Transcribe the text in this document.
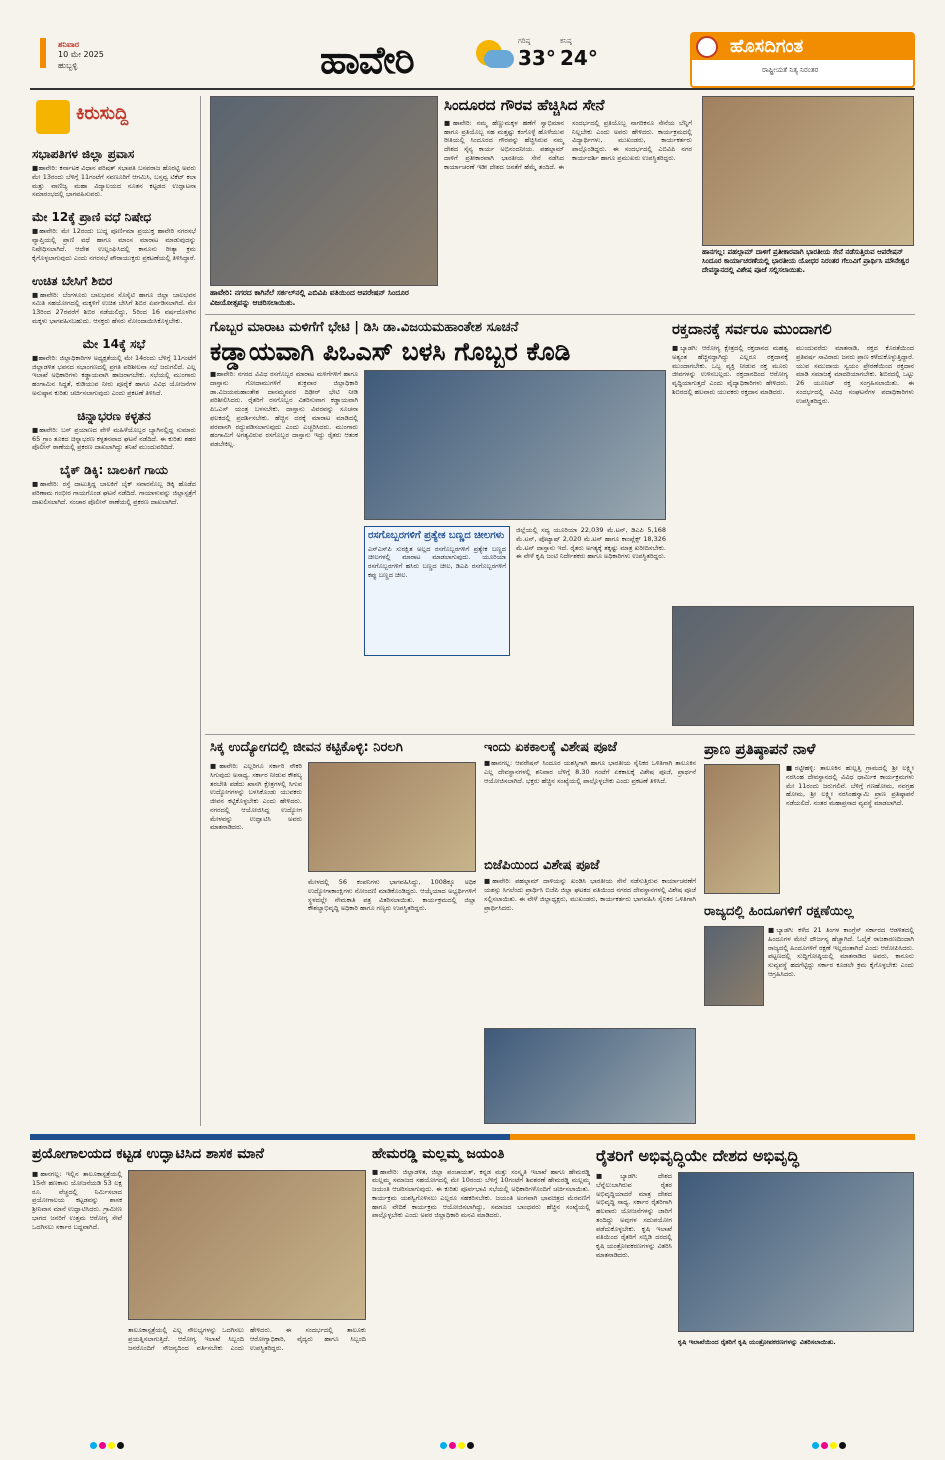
ಶನಿವಾರ
10 ಮೇ 2025
ಹುಬ್ಬಳ್ಳಿ	ಹಾವೇರಿ	ಗರಿಷ್ಠ
33°
ಕನಿಷ್ಠ
24°	ಹೊಸದಿಗಂತ
ರಾಷ್ಟ್ರೀಯತೆ ನಿತ್ಯ ನಿರಂತರ
ಕಿರುಸುದ್ದಿ
ಸಭಾಪತಿಗಳ ಜಿಲ್ಲಾ ಪ್ರವಾಸ
■ಹಾವೇರಿ: ಕರ್ನಾಟಕ ವಿಧಾನ ಪರಿಷತ್ ಸಭಾಪತಿ ಬಸವರಾಜ ಹೊರಟ್ಟಿ ಅವರು ಮೇ 13ರಂದು ಬೆಳಿಗ್ಗೆ 11ಗಂಟೆಗೆ ಸವಣೂರಿಗೆ ಆಗಮಿಸಿ, ಬಸ್ತವ್ವ ಟಿಕೆಟ್ ಕಲಾ ಮತ್ತು ವಾಣಿಜ್ಯ ಮಹಾ ವಿದ್ಯಾಲಯದ ನೂತನ ಕಟ್ಟಡದ ಉದ್ಘಾಟನಾ ಸಮಾರಂಭದಲ್ಲಿ ಭಾಗವಹಿಸುವರು.
ಮೇ 12ಕ್ಕೆ ಪ್ರಾಣಿ ವಧೆ ನಿಷೇಧ
■ಹಾವೇರಿ: ಮೇ 12ರಂದು ಬುದ್ಧ ಪೂರ್ಣಿಮಾ ಪ್ರಯುಕ್ತ ಹಾವೇರಿ ನಗರಸಭೆ ವ್ಯಾಪ್ತಿಯಲ್ಲಿ ಪ್ರಾಣಿ ವಧೆ ಹಾಗೂ ಮಾಂಸ ಮಾರಾಟ ಮಾಡುವುದನ್ನು ನಿಷೇಧಿಸಲಾಗಿದೆ. ಆದೇಶ ಉಲ್ಲಂಘಿಸಿದಲ್ಲಿ ಕಾನೂನು ರೀತ್ಯಾ ಕ್ರಮ ಕೈಗೊಳ್ಳಲಾಗುವುದು ಎಂದು ನಗರಸಭೆ ಪೌರಾಯುಕ್ತರು ಪ್ರಕಟಣೆಯಲ್ಲಿ ತಿಳಿಸಿದ್ದಾರೆ.
ಉಚಿತ ಬೇಸಿಗೆ ಶಿಬಿರ
■ಹಾವೇರಿ: ಬೆಂಗಳೂರು ಬಾಲಭವನ ಸೊಸೈಟಿ ಹಾಗೂ ಜಿಲ್ಲಾ ಬಾಲಭವನ ಸಮಿತಿ ಸಹಯೋಗದಲ್ಲಿ ಮಕ್ಕಳಿಗೆ ಉಚಿತ ಬೇಸಿಗೆ ಶಿಬಿರ ಏರ್ಪಡಿಸಲಾಗಿದೆ. ಮೇ 13ರಿಂದ 27ರವರೆಗೆ ಶಿಬಿರ ನಡೆಯಲಿದ್ದು, 5ರಿಂದ 16 ವರ್ಷದೊಳಗಿನ ಮಕ್ಕಳು ಭಾಗವಹಿಸಬಹುದು. ಆಸಕ್ತರು ಹೆಸರು ನೋಂದಾಯಿಸಿಕೊಳ್ಳಬೇಕು.
ಮೇ 14ಕ್ಕೆ ಸಭೆ
■ಹಾವೇರಿ: ಜಿಲ್ಲಾಧಿಕಾರಿಗಳ ಅಧ್ಯಕ್ಷತೆಯಲ್ಲಿ ಮೇ 14ರಂದು ಬೆಳಿಗ್ಗೆ 11ಗಂಟೆಗೆ ಜಿಲ್ಲಾಡಳಿತ ಭವನದ ಸಭಾಂಗಣದಲ್ಲಿ ಪ್ರಗತಿ ಪರಿಶೀಲನಾ ಸಭೆ ಜರುಗಲಿದೆ. ಎಲ್ಲ ಇಲಾಖೆ ಅಧಿಕಾರಿಗಳು ಕಡ್ಡಾಯವಾಗಿ ಹಾಜರಾಗಬೇಕು. ಸಭೆಯಲ್ಲಿ ಮುಂಗಾರು ಹಂಗಾಮಿನ ಸಿದ್ಧತೆ, ಕುಡಿಯುವ ನೀರು ಪೂರೈಕೆ ಹಾಗೂ ವಿವಿಧ ಯೋಜನೆಗಳ ಅನುಷ್ಠಾನ ಕುರಿತು ಚರ್ಚಿಸಲಾಗುವುದು ಎಂದು ಪ್ರಕಟಣೆ ತಿಳಿಸಿದೆ.
ಚಿನ್ನಾಭರಣ ಕಳ್ಳತನ
■ಹಾವೇರಿ: ಬಸ್ ಪ್ರಯಾಣದ ವೇಳೆ ಮಹಿಳೆಯೊಬ್ಬರ ಬ್ಯಾಗಿನಲ್ಲಿದ್ದ ಸುಮಾರು 65 ಗ್ರಾಂ ತೂಕದ ಚಿನ್ನಾಭರಣ ಕಳ್ಳತನವಾದ ಘಟನೆ ನಡೆದಿದೆ. ಈ ಕುರಿತು ಶಹರ ಪೊಲೀಸ್ ಠಾಣೆಯಲ್ಲಿ ಪ್ರಕರಣ ದಾಖಲಾಗಿದ್ದು ತನಿಖೆ ಮುಂದುವರಿದಿದೆ.
ಬೈಕ್ ಡಿಕ್ಕಿ: ಬಾಲಕಿಗೆ ಗಾಯ
■ಹಾವೇರಿ: ರಸ್ತೆ ದಾಟುತ್ತಿದ್ದ ಬಾಲಕಿಗೆ ಬೈಕ್ ಸವಾರನೊಬ್ಬ ಡಿಕ್ಕಿ ಹೊಡೆದ ಪರಿಣಾಮ ಗಂಭೀರ ಗಾಯಗೊಂಡ ಘಟನೆ ನಡೆದಿದೆ. ಗಾಯಾಳುವನ್ನು ಜಿಲ್ಲಾಸ್ಪತ್ರೆಗೆ ದಾಖಲಿಸಲಾಗಿದೆ. ಸಂಚಾರ ಪೊಲೀಸ್ ಠಾಣೆಯಲ್ಲಿ ಪ್ರಕರಣ ದಾಖಲಾಗಿದೆ.
ಹಾವೇರಿ: ನಗರದ ಕಾಗಿನೆಲೆ ಸರ್ಕಲ್‌ನಲ್ಲಿ ಎಬಿವಿಪಿ ವತಿಯಿಂದ ಆಪರೇಷನ್ ಸಿಂದೂರ ವಿಜಯೋತ್ಸವನ್ನು ಆಚರಿಸಲಾಯಿತು.
ಸಿಂದೂರದ ಗೌರವ ಹೆಚ್ಚಿಸಿದ ಸೇನೆ
■ಹಾವೇರಿ: ನಮ್ಮ ಹೆಣ್ಣುಮಕ್ಕಳ ಹಣೆಗೆ ಸ್ವಾಭಿಮಾನ ಹಾಗೂ ಪ್ರತಿಯೊಬ್ಬ ಸಹ ಮತ್ತಷ್ಟು ಕಂಗೊಳ್ಳೆ ಹೊಳೆಯುವ ರೀತಿಯಲ್ಲಿ ಸಿಂದೂರದ ಗೌರವನ್ನು ಹೆಚ್ಚಿಸಿರುವ ನಮ್ಮ ದೇಶದ ಸೈನ್ಯ ಕಾರ್ಯ ಅಭಿನಂದನೀಯ. ಪಹಲ್ಗಾಮ್ ದಾಳಿಗೆ ಪ್ರತೀಕಾರವಾಗಿ ಭಾರತೀಯ ಸೇನೆ ನಡೆಸಿದ ಕಾರ್ಯಾಚರಣೆ ಇಡೀ ದೇಶದ ಜನತೆಗೆ ಹೆಮ್ಮೆ ತಂದಿದೆ. ಈ ಸಂದರ್ಭದಲ್ಲಿ ಪ್ರತಿಯೊಬ್ಬ ನಾಗರಿಕನೂ ಸೇನೆಯ ಬೆನ್ನಿಗೆ ನಿಲ್ಲಬೇಕು ಎಂದು ಅವರು ಹೇಳಿದರು. ಕಾರ್ಯಕ್ರಮದಲ್ಲಿ ವಿದ್ಯಾರ್ಥಿಗಳು, ಮುಖಂಡರು, ಕಾರ್ಯಕರ್ತರು ಪಾಲ್ಗೊಂಡಿದ್ದರು. ಈ ಸಂದರ್ಭದಲ್ಲಿ ಎಬಿವಿಪಿ ನಗರ ಕಾರ್ಯದರ್ಶಿ ಹಾಗೂ ಪ್ರಮುಖರು ಉಪಸ್ಥಿತರಿದ್ದರು.
ಹಾನಗಲ್ಲ: ಪಹಲ್ಗಾಮ್ ದಾಳಿಗೆ ಪ್ರತೀಕಾರವಾಗಿ ಭಾರತೀಯ ಸೇನೆ ನಡೆಸುತ್ತಿರುವ ಆಪರೇಷನ್ ಸಿಂದೂರ ಕಾರ್ಯಾಚರಣೆಯಲ್ಲಿ ಭಾರತೀಯ ಯೋಧರ ನಿರಂತರ ಗೆಲುವಿಗೆ ಪ್ರಾರ್ಥಿಸಿ ಮೌನೇಶ್ವರ ದೇವಸ್ಥಾನದಲ್ಲಿ ವಿಶೇಷ ಪೂಜೆ ಸಲ್ಲಿಸಲಾಯಿತು.
ಗೊಬ್ಬರ ಮಾರಾಟ ಮಳಿಗೆಗೆ ಭೇಟಿ | ಡಿಸಿ ಡಾ.ವಿಜಯಮಹಾಂತೇಶ ಸೂಚನೆ
ಕಡ್ಡಾಯವಾಗಿ ಪಿಒಎಸ್ ಬಳಸಿ ಗೊಬ್ಬರ ಕೊಡಿ
■ಹಾವೇರಿ: ನಗರದ ವಿವಿಧ ರಸಗೊಬ್ಬರ ಮಾರಾಟ ಮಳಿಗೆಗಳಿಗೆ ಹಾಗೂ ದಾಸ್ತಾನು ಗೋದಾಮುಗಳಿಗೆ ಶುಕ್ರವಾರ ಜಿಲ್ಲಾಧಿಕಾರಿ ಡಾ.ವಿಜಯಮಹಾಂತೇಶ ದಾನಮ್ಮನವರ ದಿಢೀರ್ ಭೇಟಿ ನೀಡಿ ಪರಿಶೀಲಿಸಿದರು. ರೈತರಿಗೆ ರಸಗೊಬ್ಬರ ವಿತರಿಸುವಾಗ ಕಡ್ಡಾಯವಾಗಿ ಪಿಒಎಸ್ ಯಂತ್ರ ಬಳಸಬೇಕು. ದಾಸ್ತಾನು ವಿವರವನ್ನು ಸೂಚನಾ ಫಲಕದಲ್ಲಿ ಪ್ರದರ್ಶಿಸಬೇಕು. ಹೆಚ್ಚಿನ ದರಕ್ಕೆ ಮಾರಾಟ ಮಾಡಿದಲ್ಲಿ ಪರವಾನಗಿ ರದ್ದುಪಡಿಸಲಾಗುವುದು ಎಂದು ಎಚ್ಚರಿಸಿದರು. ಮುಂಗಾರು ಹಂಗಾಮಿಗೆ ಅಗತ್ಯವಿರುವ ರಸಗೊಬ್ಬರ ದಾಸ್ತಾನು ಇದ್ದು ರೈತರು ಆತಂಕ ಪಡಬೇಕಿಲ್ಲ.
ರಸಗೊಬ್ಬರಗಳಿಗೆ ಪ್ರತ್ಯೇಕ ಬಣ್ಣದ ಚೀಲಗಳು
ಎಸ್‌ಎಸ್‌ಪಿ ಸುರಕ್ಷಿತ ಅಲ್ಲದ ರಸಗೊಬ್ಬರಗಳಿಗೆ ಪ್ರತ್ಯೇಕ ಬಣ್ಣದ ಚೀಲಗಳಲ್ಲಿ ಮಾರಾಟ ಮಾಡಲಾಗುವುದು. ಯೂರಿಯಾ ರಸಗೊಬ್ಬರಗಳಿಗೆ ಹಸಿರು ಬಣ್ಣದ ಚೀಲ, ಡಿಎಪಿ ರಸಗೊಬ್ಬರಗಳಿಗೆ ಕಪ್ಪು ಬಣ್ಣದ ಚೀಲ.
ಜಿಲ್ಲೆಯಲ್ಲಿ ಸದ್ಯ ಯೂರಿಯಾ 22,039 ಮೆ.ಟನ್, ಡಿಎಪಿ 5,168 ಮೆ.ಟನ್, ಪೊಟ್ಯಾಷ್ 2,020 ಮೆ.ಟನ್ ಹಾಗೂ ಕಾಂಪ್ಲೆಕ್ಸ್ 18,326 ಮೆ.ಟನ್ ದಾಸ್ತಾನು ಇದೆ. ರೈತರು ಅಗತ್ಯಕ್ಕೆ ತಕ್ಕಷ್ಟು ಮಾತ್ರ ಖರೀದಿಸಬೇಕು. ಈ ವೇಳೆ ಕೃಷಿ ಜಂಟಿ ನಿರ್ದೇಶಕರು ಹಾಗೂ ಅಧಿಕಾರಿಗಳು ಉಪಸ್ಥಿತರಿದ್ದರು.
ರಕ್ತದಾನಕ್ಕೆ ಸರ್ವರೂ ಮುಂದಾಗಲಿ
■ಬ್ಯಾಡಗಿ: ಆರೋಗ್ಯ ಕ್ಷೇತ್ರದಲ್ಲಿ ರಕ್ತದಾನದ ಮಹತ್ವ ಅತ್ಯಂತ ಹೆಚ್ಚಿನದ್ದಾಗಿದ್ದು ಎಲ್ಲರೂ ರಕ್ತದಾನಕ್ಕೆ ಮುಂದಾಗಬೇಕು. ಒಬ್ಬ ವ್ಯಕ್ತಿ ನೀಡುವ ರಕ್ತ ಮೂರು ಜೀವಗಳನ್ನು ಉಳಿಸಬಲ್ಲದು. ರಕ್ತದಾನದಿಂದ ಆರೋಗ್ಯ ವೃದ್ಧಿಯಾಗುತ್ತದೆ ಎಂದು ವೈದ್ಯಾಧಿಕಾರಿಗಳು ಹೇಳಿದರು. ಶಿಬಿರದಲ್ಲಿ ಹಲವಾರು ಯುವಕರು ರಕ್ತದಾನ ಮಾಡಿದರು.
ಮುಂದುವರೆದು ಮಾತನಾಡಿ, ರಕ್ತದ ಕೊರತೆಯಿಂದ ಪ್ರತಿವರ್ಷ ಸಾವಿರಾರು ಜನರು ಪ್ರಾಣ ಕಳೆದುಕೊಳ್ಳುತ್ತಿದ್ದಾರೆ. ಯುವ ಸಮುದಾಯ ಸ್ವಯಂ ಪ್ರೇರಣೆಯಿಂದ ರಕ್ತದಾನ ಮಾಡಿ ಸಮಾಜಕ್ಕೆ ಮಾದರಿಯಾಗಬೇಕು. ಶಿಬಿರದಲ್ಲಿ ಒಟ್ಟು 26 ಯೂನಿಟ್ ರಕ್ತ ಸಂಗ್ರಹಿಸಲಾಯಿತು. ಈ ಸಂದರ್ಭದಲ್ಲಿ ವಿವಿಧ ಸಂಘಟನೆಗಳ ಪದಾಧಿಕಾರಿಗಳು ಉಪಸ್ಥಿತರಿದ್ದರು.
ಸಿಕ್ಕ ಉದ್ಯೋಗದಲ್ಲಿ ಜೀವನ ಕಟ್ಟಿಕೊಳ್ಳಿ: ನಿರಲಗಿ
■ಹಾವೇರಿ: ಎಲ್ಲರಿಗೂ ಸರ್ಕಾರಿ ನೌಕರಿ ಸಿಗುವುದು ಅಸಾಧ್ಯ. ಸರ್ಕಾರ ನೀಡುವ ಕೌಶಲ್ಯ ತರಬೇತಿ ಪಡೆದು ಖಾಸಗಿ ಕ್ಷೇತ್ರಗಳಲ್ಲಿ ಸಿಗುವ ಉದ್ಯೋಗಗಳನ್ನು ಬಳಸಿಕೊಂಡು ಯುವಕರು ಜೀವನ ಕಟ್ಟಿಕೊಳ್ಳಬೇಕು ಎಂದು ಹೇಳಿದರು. ನಗರದಲ್ಲಿ ಆಯೋಜಿಸಿದ್ದ ಉದ್ಯೋಗ ಮೇಳವನ್ನು ಉದ್ಘಾಟಿಸಿ ಅವರು ಮಾತನಾಡಿದರು.
ಮೇಳದಲ್ಲಿ 56 ಕಂಪನಿಗಳು ಭಾಗವಹಿಸಿದ್ದು, 1008ಕ್ಕೂ ಅಧಿಕ ಉದ್ಯೋಗಾಕಾಂಕ್ಷಿಗಳು ನೋಂದಣಿ ಮಾಡಿಕೊಂಡಿದ್ದರು. ಆಯ್ಕೆಯಾದ ಅಭ್ಯರ್ಥಿಗಳಿಗೆ ಸ್ಥಳದಲ್ಲೇ ನೇಮಕಾತಿ ಪತ್ರ ವಿತರಿಸಲಾಯಿತು. ಕಾರ್ಯಕ್ರಮದಲ್ಲಿ ಜಿಲ್ಲಾ ಕೌಶಲ್ಯಾಭಿವೃದ್ಧಿ ಅಧಿಕಾರಿ ಹಾಗೂ ಗಣ್ಯರು ಉಪಸ್ಥಿತರಿದ್ದರು.
ಇಂದು ಏಕಕಾಲಕ್ಕೆ ವಿಶೇಷ ಪೂಜೆ
■ಹಾನಗಲ್ಲ: ಆಪರೇಷನ್ ಸಿಂದೂರ ಯಶಸ್ಸಿಗಾಗಿ ಹಾಗೂ ಭಾರತೀಯ ಸೈನಿಕರ ಒಳಿತಿಗಾಗಿ ತಾಲೂಕಿನ ಎಲ್ಲ ದೇವಸ್ಥಾನಗಳಲ್ಲಿ ಶನಿವಾರ ಬೆಳಿಗ್ಗೆ 8.30 ಗಂಟೆಗೆ ಏಕಕಾಲಕ್ಕೆ ವಿಶೇಷ ಪೂಜೆ, ಪ್ರಾರ್ಥನೆ ಆಯೋಜಿಸಲಾಗಿದೆ. ಭಕ್ತರು ಹೆಚ್ಚಿನ ಸಂಖ್ಯೆಯಲ್ಲಿ ಪಾಲ್ಗೊಳ್ಳಬೇಕು ಎಂದು ಪ್ರಕಟಣೆ ತಿಳಿಸಿದೆ.
ಬಿಜೆಪಿಯಿಂದ ವಿಶೇಷ ಪೂಜೆ
■ಹಾವೇರಿ: ಪಹಲ್ಗಾಮ್ ದಾಳಿಯನ್ನು ಖಂಡಿಸಿ ಭಾರತೀಯ ಸೇನೆ ನಡೆಸುತ್ತಿರುವ ಕಾರ್ಯಾಚರಣೆಗೆ ಯಶಸ್ಸು ಸಿಗಲೆಂದು ಪ್ರಾರ್ಥಿಸಿ ಬಿಜೆಪಿ ಜಿಲ್ಲಾ ಘಟಕದ ವತಿಯಿಂದ ನಗರದ ದೇವಸ್ಥಾನಗಳಲ್ಲಿ ವಿಶೇಷ ಪೂಜೆ ಸಲ್ಲಿಸಲಾಯಿತು. ಈ ವೇಳೆ ಜಿಲ್ಲಾಧ್ಯಕ್ಷರು, ಮುಖಂಡರು, ಕಾರ್ಯಕರ್ತರು ಭಾಗವಹಿಸಿ ಸೈನಿಕರ ಒಳಿತಿಗಾಗಿ ಪ್ರಾರ್ಥಿಸಿದರು.
ಪ್ರಾಣ ಪ್ರತಿಷ್ಠಾಪನೆ ನಾಳೆ
■ರಟ್ಟೀಹಳ್ಳಿ: ತಾಲೂಕಿನ ಹುಲ್ಲತ್ತಿ ಗ್ರಾಮದಲ್ಲಿ ಶ್ರೀ ಲಕ್ಷ್ಮೀ ನರಸಿಂಹ ದೇವಸ್ಥಾನದಲ್ಲಿ ವಿವಿಧ ಧಾರ್ಮಿಕ ಕಾರ್ಯಕ್ರಮಗಳು ಮೇ 11ರಂದು ಜರುಗಲಿವೆ. ಬೆಳಿಗ್ಗೆ ಗಣಹೋಮ, ನವಗ್ರಹ ಹೋಮ, ಶ್ರೀ ಲಕ್ಷ್ಮೀ ನರಸಿಂಹಸ್ವಾಮಿ ಪ್ರಾಣ ಪ್ರತಿಷ್ಠಾಪನೆ ನಡೆಯಲಿದೆ. ನಂತರ ಮಹಾಪ್ರಸಾದ ವ್ಯವಸ್ಥೆ ಮಾಡಲಾಗಿದೆ.
ರಾಜ್ಯದಲ್ಲಿ ಹಿಂದೂಗಳಿಗೆ ರಕ್ಷಣೆಯಿಲ್ಲ
■ಬ್ಯಾಡಗಿ: ಕಳೆದ 21 ತಿಂಗಳ ಕಾಂಗ್ರೆಸ್ ಸರ್ಕಾರದ ಆಡಳಿತದಲ್ಲಿ ಹಿಂದೂಗಳ ಮೇಲೆ ದೌರ್ಜನ್ಯ ಹೆಚ್ಚಾಗಿದೆ. ಓಲೈಕೆ ರಾಜಕಾರಣದಿಂದಾಗಿ ರಾಜ್ಯದಲ್ಲಿ ಹಿಂದೂಗಳಿಗೆ ರಕ್ಷಣೆ ಇಲ್ಲದಂತಾಗಿದೆ ಎಂದು ಆರೋಪಿಸಿದರು. ಪಟ್ಟಣದಲ್ಲಿ ಸುದ್ದಿಗೋಷ್ಠಿಯಲ್ಲಿ ಮಾತನಾಡಿದ ಅವರು, ಕಾನೂನು ಸುವ್ಯವಸ್ಥೆ ಹದಗೆಟ್ಟಿದ್ದು ಸರ್ಕಾರ ಕೂಡಲೇ ಕ್ರಮ ಕೈಗೊಳ್ಳಬೇಕು ಎಂದು ಆಗ್ರಹಿಸಿದರು.
ಪ್ರಯೋಗಾಲಯದ ಕಟ್ಟಡ ಉದ್ಘಾಟಿಸಿದ ಶಾಸಕ ಮಾನೆ
■ಹಾನಗಲ್ಲ: ಇಲ್ಲಿನ ತಾಲೂಕಾಸ್ಪತ್ರೆಯಲ್ಲಿ 15ನೇ ಹಣಕಾಸು ಯೋಜನೆಯಡಿ 53 ಲಕ್ಷ ರೂ. ವೆಚ್ಚದಲ್ಲಿ ನಿರ್ಮಿಸಲಾದ ಪ್ರಯೋಗಾಲಯ ಕಟ್ಟಡವನ್ನು ಶಾಸಕ ಶ್ರೀನಿವಾಸ ಮಾನೆ ಉದ್ಘಾಟಿಸಿದರು. ಗ್ರಾಮೀಣ ಭಾಗದ ಜನರಿಗೆ ಉತ್ತಮ ಆರೋಗ್ಯ ಸೇವೆ ಒದಗಿಸಲು ಸರ್ಕಾರ ಬದ್ಧವಾಗಿದೆ.
ತಾಲೂಕಾಸ್ಪತ್ರೆಯಲ್ಲಿ ಎಲ್ಲ ಸೌಲಭ್ಯಗಳನ್ನು ಒದಗಿಸಲು ಪ್ರಯತ್ನಿಸಲಾಗುತ್ತಿದೆ. ಆರೋಗ್ಯ ಇಲಾಖೆ ಸಿಬ್ಬಂದಿ ಜನರೊಂದಿಗೆ ಸೌಜನ್ಯದಿಂದ ವರ್ತಿಸಬೇಕು ಎಂದು ಹೇಳಿದರು. ಈ ಸಂದರ್ಭದಲ್ಲಿ ತಾಲೂಕು ಆರೋಗ್ಯಾಧಿಕಾರಿ, ವೈದ್ಯರು ಹಾಗೂ ಸಿಬ್ಬಂದಿ ಉಪಸ್ಥಿತರಿದ್ದರು.
ಹೇಮರಡ್ಡಿ ಮಲ್ಲಮ್ಮ ಜಯಂತಿ
■ಹಾವೇರಿ: ಜಿಲ್ಲಾಡಳಿತ, ಜಿಲ್ಲಾ ಪಂಚಾಯತ್, ಕನ್ನಡ ಮತ್ತು ಸಂಸ್ಕೃತಿ ಇಲಾಖೆ ಹಾಗೂ ಹೇಮರಡ್ಡಿ ಮಲ್ಲಮ್ಮ ಸಮಾಜದ ಸಹಯೋಗದಲ್ಲಿ ಮೇ 10ರಂದು ಬೆಳಿಗ್ಗೆ 10ಗಂಟೆಗೆ ಶಿವಶರಣೆ ಹೇಮರಡ್ಡಿ ಮಲ್ಲಮ್ಮ ಜಯಂತಿ ಆಚರಿಸಲಾಗುವುದು. ಈ ಕುರಿತು ಪೂರ್ವಭಾವಿ ಸಭೆಯಲ್ಲಿ ಅಧಿಕಾರಿಗಳೊಂದಿಗೆ ಚರ್ಚಿಸಲಾಯಿತು. ಕಾರ್ಯಕ್ರಮ ಯಶಸ್ವಿಗೊಳಿಸಲು ಎಲ್ಲರೂ ಸಹಕರಿಸಬೇಕು. ಜಯಂತಿ ಅಂಗವಾಗಿ ಭಾವಚಿತ್ರದ ಮೆರವಣಿಗೆ ಹಾಗೂ ವೇದಿಕೆ ಕಾರ್ಯಕ್ರಮ ಆಯೋಜಿಸಲಾಗಿದ್ದು, ಸಮಾಜದ ಬಾಂಧವರು ಹೆಚ್ಚಿನ ಸಂಖ್ಯೆಯಲ್ಲಿ ಪಾಲ್ಗೊಳ್ಳಬೇಕು ಎಂದು ಅಪರ ಜಿಲ್ಲಾಧಿಕಾರಿ ಮನವಿ ಮಾಡಿದರು.
ರೈತರಿಗೆ ಅಭಿವೃದ್ಧಿಯೇ ದೇಶದ ಅಭಿವೃದ್ಧಿ
■ಬ್ಯಾಡಗಿ: ದೇಶದ ಬೆನ್ನೆಲುಬಾಗಿರುವ ರೈತರ ಅಭಿವೃದ್ಧಿಯಾದರೆ ಮಾತ್ರ ದೇಶದ ಅಭಿವೃದ್ಧಿ ಸಾಧ್ಯ. ಸರ್ಕಾರ ರೈತರಿಗಾಗಿ ಹಲವಾರು ಯೋಜನೆಗಳನ್ನು ಜಾರಿಗೆ ತಂದಿದ್ದು ಅವುಗಳ ಸದುಪಯೋಗ ಪಡೆದುಕೊಳ್ಳಬೇಕು. ಕೃಷಿ ಇಲಾಖೆ ವತಿಯಿಂದ ರೈತರಿಗೆ ಸಬ್ಸಿಡಿ ದರದಲ್ಲಿ ಕೃಷಿ ಯಂತ್ರೋಪಕರಣಗಳನ್ನು ವಿತರಿಸಿ ಮಾತನಾಡಿದರು.
ಕೃಷಿ ಇಲಾಖೆಯಿಂದ ರೈತರಿಗೆ ಕೃಷಿ ಯಂತ್ರೋಪಕರಣಗಳನ್ನು ವಿತರಿಸಲಾಯಿತು.
